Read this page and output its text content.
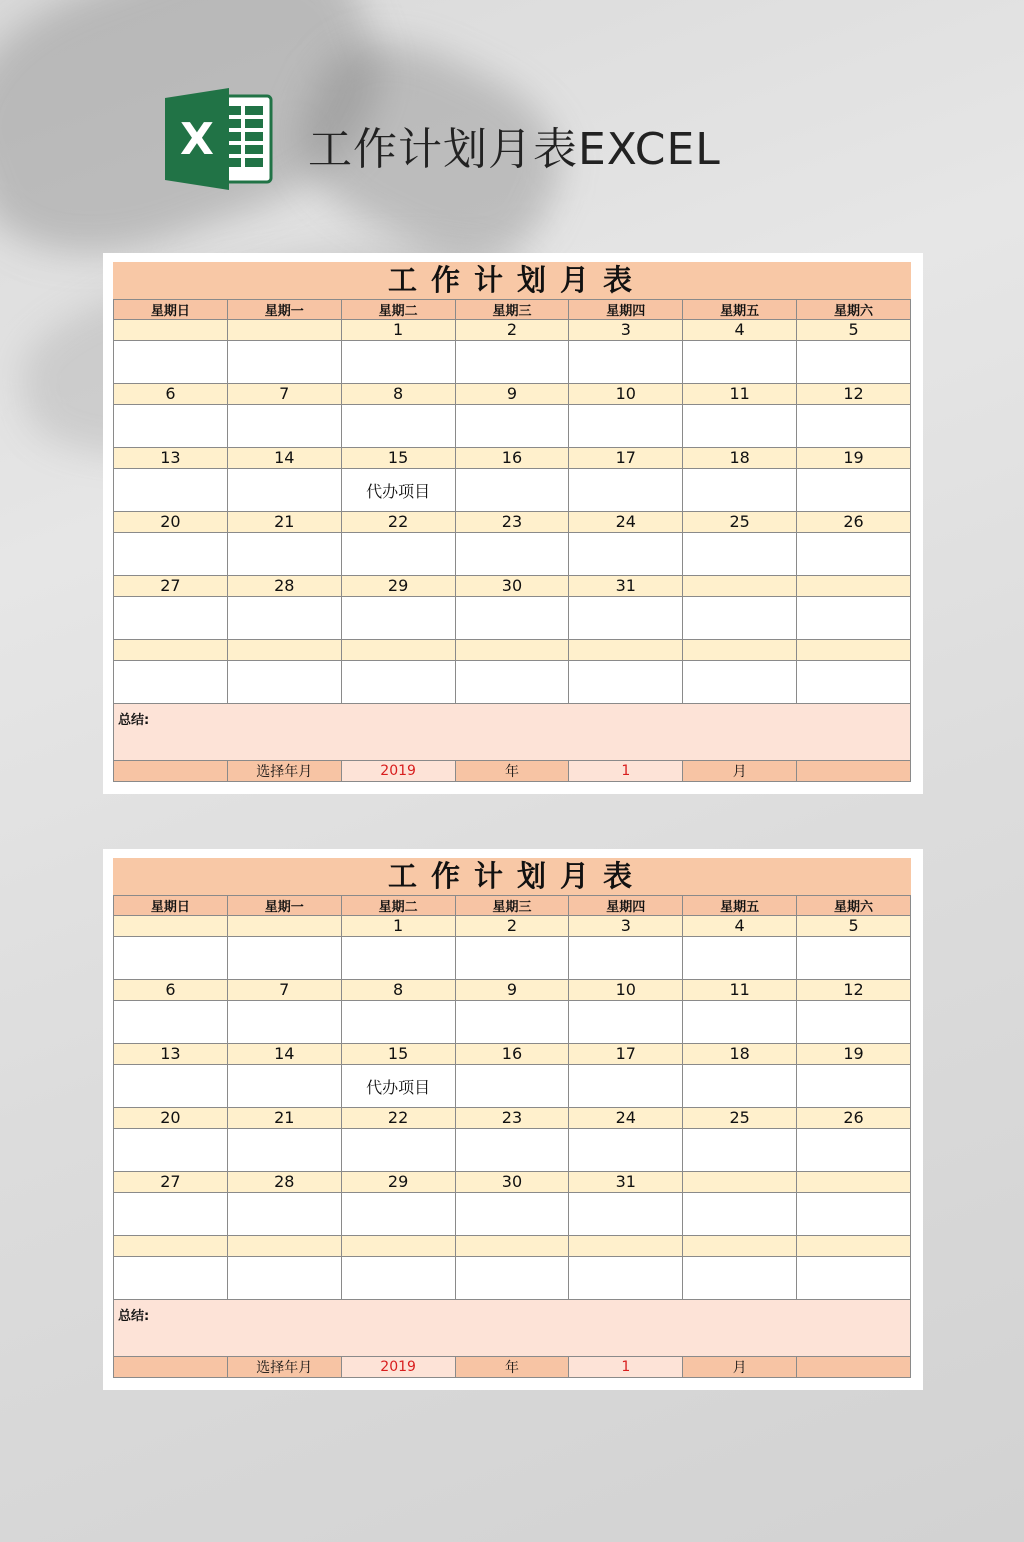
X 工作计划月表EXCEL
工作计划月表
星期日	星期一	星期二	星期三	星期四	星期五	星期六
		1	2	3	4	5

6	7	8	9	10	11	12

13	14	15	16	17	18	19
		代办项目				
20	21	22	23	24	25	26

27	28	29	30	31		

总结:						
	选择年月	2019	年	1	月	
工作计划月表
星期日	星期一	星期二	星期三	星期四	星期五	星期六
		1	2	3	4	5

6	7	8	9	10	11	12

13	14	15	16	17	18	19
		代办项目				
20	21	22	23	24	25	26

27	28	29	30	31		

总结:						
	选择年月	2019	年	1	月	
